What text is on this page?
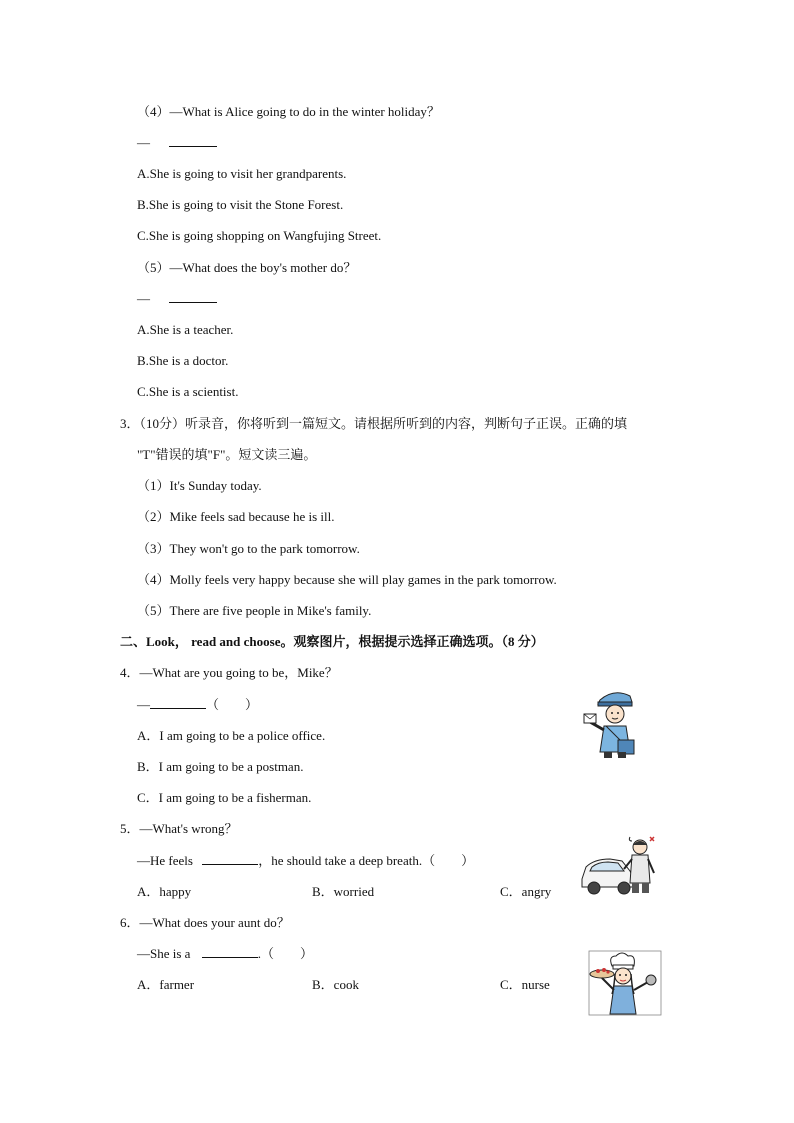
（4）—What is Alice going to do in the winter holiday？
—
A.She is going to visit her grandparents.
B.She is going to visit the Stone Forest.
C.She is going shopping on Wangfujing Street.
（5）—What does the boy's mother do？
—
A.She is a teacher.
B.She is a doctor.
C.She is a scientist.
3．（10分）听录音，你将听到一篇短文。请根据所听到的内容，判断句子正误。正确的填
"T"错误的填"F"。短文读三遍。
（1）It's Sunday today.
（2）Mike feels sad because he is ill.
（3）They won't go to the park tomorrow.
（4）Molly feels very happy because she will play games in the park tomorrow.
（5）There are five people in Mike's family.
二、Look， read and choose。观察图片，根据提示选择正确选项。（8 分）
4．—What are you going to be，Mike？
—	（　　）
A．I am going to be a police office.
B．I am going to be a postman.
C．I am going to be a fisherman.
5．—What's wrong？
—He feels	，he should take a deep breath.（　　）
A．happy	B．worried	C．angry
6．—What does your aunt do？
—She is a	.（　　）
A．farmer	B．cook	C．nurse
